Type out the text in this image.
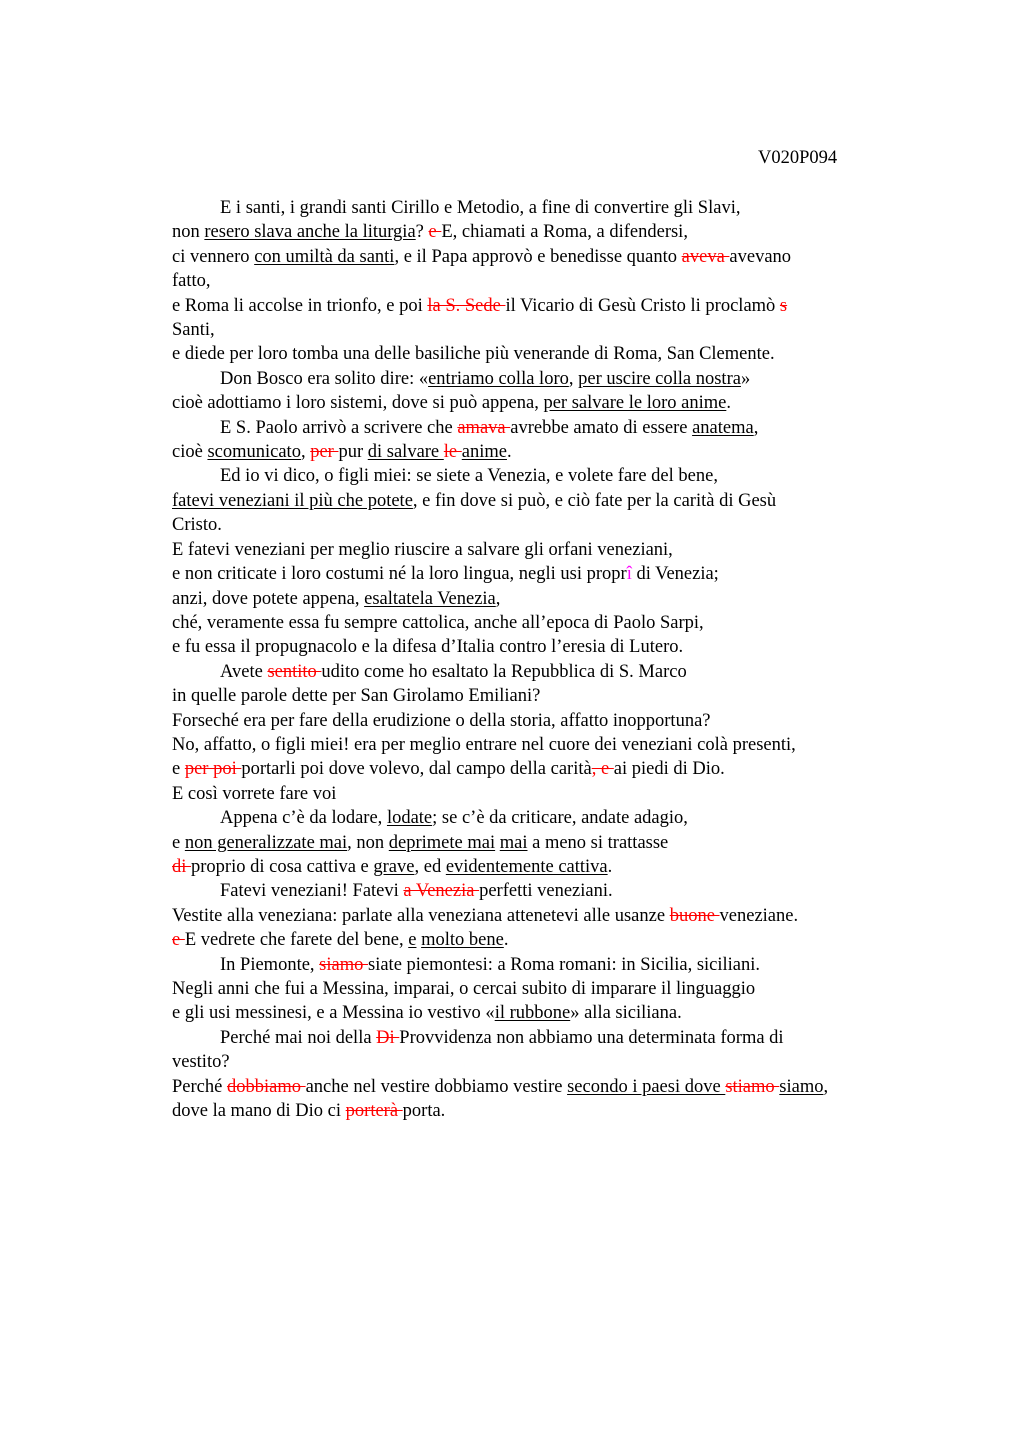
V020P094
E i santi, i grandi santi Cirillo e Metodio, a fine di convertire gli Slavi,
non resero slava anche la liturgia? e E, chiamati a Roma, a difendersi,
ci vennero con umiltà da santi, e il Papa approvò e benedisse quanto aveva avevano
fatto,
e Roma li accolse in trionfo, e poi la S. Sede il Vicario di Gesù Cristo li proclamò s
Santi,
e diede per loro tomba una delle basiliche più venerande di Roma, San Clemente.
Don Bosco era solito dire: «entriamo colla loro, per uscire colla nostra»
cioè adottiamo i loro sistemi, dove si può appena, per salvare le loro anime.
E S. Paolo arrivò a scrivere che amava avrebbe amato di essere anatema,
cioè scomunicato, per pur di salvare le anime.
Ed io vi dico, o figli miei: se siete a Venezia, e volete fare del bene,
fatevi veneziani il più che potete, e fin dove si può, e ciò fate per la carità di Gesù
Cristo.
E fatevi veneziani per meglio riuscire a salvare gli orfani veneziani,
e non criticate i loro costumi né la loro lingua, negli usi proprî di Venezia;
anzi, dove potete appena, esaltatela Venezia,
ché, veramente essa fu sempre cattolica, anche all’epoca di Paolo Sarpi,
e fu essa il propugnacolo e la difesa d’Italia contro l’eresia di Lutero.
Avete sentito udito come ho esaltato la Repubblica di S. Marco
in quelle parole dette per San Girolamo Emiliani?
Forseché era per fare della erudizione o della storia, affatto inopportuna?
No, affatto, o figli miei! era per meglio entrare nel cuore dei veneziani colà presenti,
e per poi portarli poi dove volevo, dal campo della carità, e ai piedi di Dio.
E così vorrete fare voi
Appena c’è da lodare, lodate; se c’è da criticare, andate adagio,
e non generalizzate mai, non deprimete mai mai a meno si trattasse
di proprio di cosa cattiva e grave, ed evidentemente cattiva.
Fatevi veneziani! Fatevi a Venezia perfetti veneziani.
Vestite alla veneziana: parlate alla veneziana attenetevi alle usanze buone veneziane.
e E vedrete che farete del bene, e molto bene.
In Piemonte, siamo siate piemontesi: a Roma romani: in Sicilia, siciliani.
Negli anni che fui a Messina, imparai, o cercai subito di imparare il linguaggio
e gli usi messinesi, e a Messina io vestivo «il rubbone» alla siciliana.
Perché mai noi della Di Provvidenza non abbiamo una determinata forma di
vestito?
Perché dobbiamo anche nel vestire dobbiamo vestire secondo i paesi dove stiamo siamo,
dove la mano di Dio ci porterà porta.
